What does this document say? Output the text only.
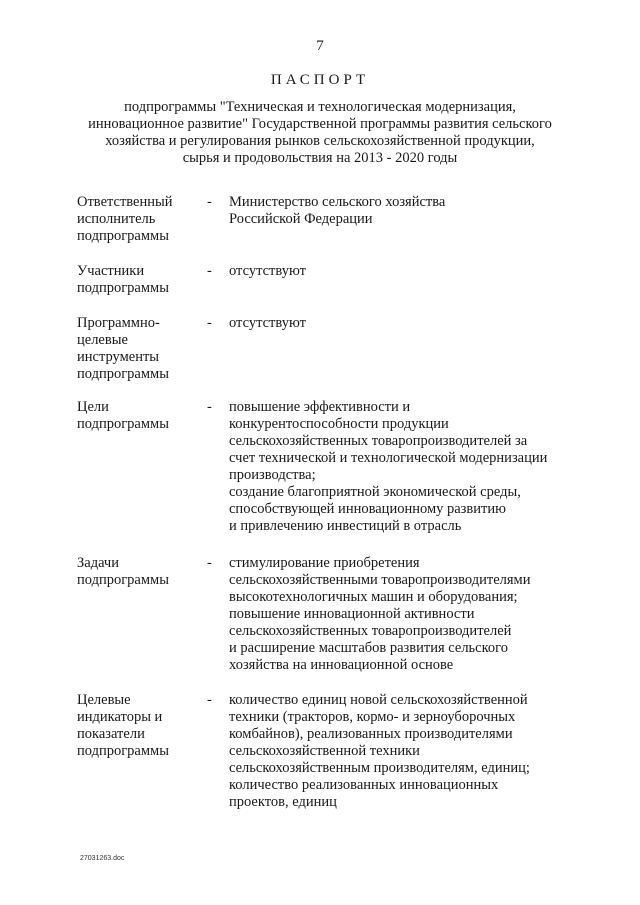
7
ПАСПОРТ
подпрограммы "Техническая и технологическая модернизация,
инновационное развитие" Государственной программы развития сельского
хозяйства и регулирования рынков сельскохозяйственной продукции,
сырья и продовольствия на 2013 - 2020 годы
Ответственный
исполнитель
подпрограммы
- Министерство сельского хозяйства
Российской Федерации
Участники
подпрограммы
- отсутствуют
Программно-
целевые
инструменты
подпрограммы
- отсутствуют
Цели
подпрограммы
- повышение эффективности и
конкурентоспособности продукции
сельскохозяйственных товаропроизводителей за
счет технической и технологической модернизации
производства;
создание благоприятной экономической среды,
способствующей инновационному развитию
и привлечению инвестиций в отрасль
Задачи
подпрограммы
- стимулирование приобретения
сельскохозяйственными товаропроизводителями
высокотехнологичных машин и оборудования;
повышение инновационной активности
сельскохозяйственных товаропроизводителей
и расширение масштабов развития сельского
хозяйства на инновационной основе
Целевые
индикаторы и
показатели
подпрограммы
- количество единиц новой сельскохозяйственной
техники (тракторов, кормо- и зерноуборочных
комбайнов), реализованных производителями
сельскохозяйственной техники
сельскохозяйственным производителям, единиц;
количество реализованных инновационных
проектов, единиц
27031263.doc
